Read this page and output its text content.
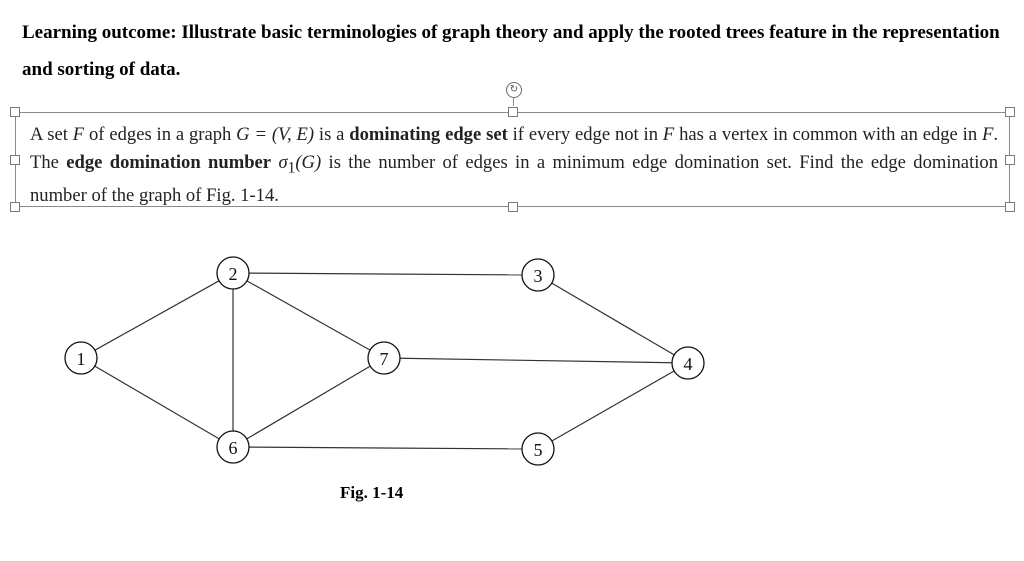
Learning outcome: Illustrate basic terminologies of graph theory and apply the rooted trees feature in the representation and sorting of data.

↻

A set F of edges in a graph G = (V, E) is a dominating edge set if every edge not in F has a vertex in common with an edge in F. The edge domination number $\sigma_1(G)$ is the number of edges in a minimum edge domination set. Find the edge domination number of the graph of Fig. 1-14.

1
2	3
4
5
6
7
Fig. 1-14
